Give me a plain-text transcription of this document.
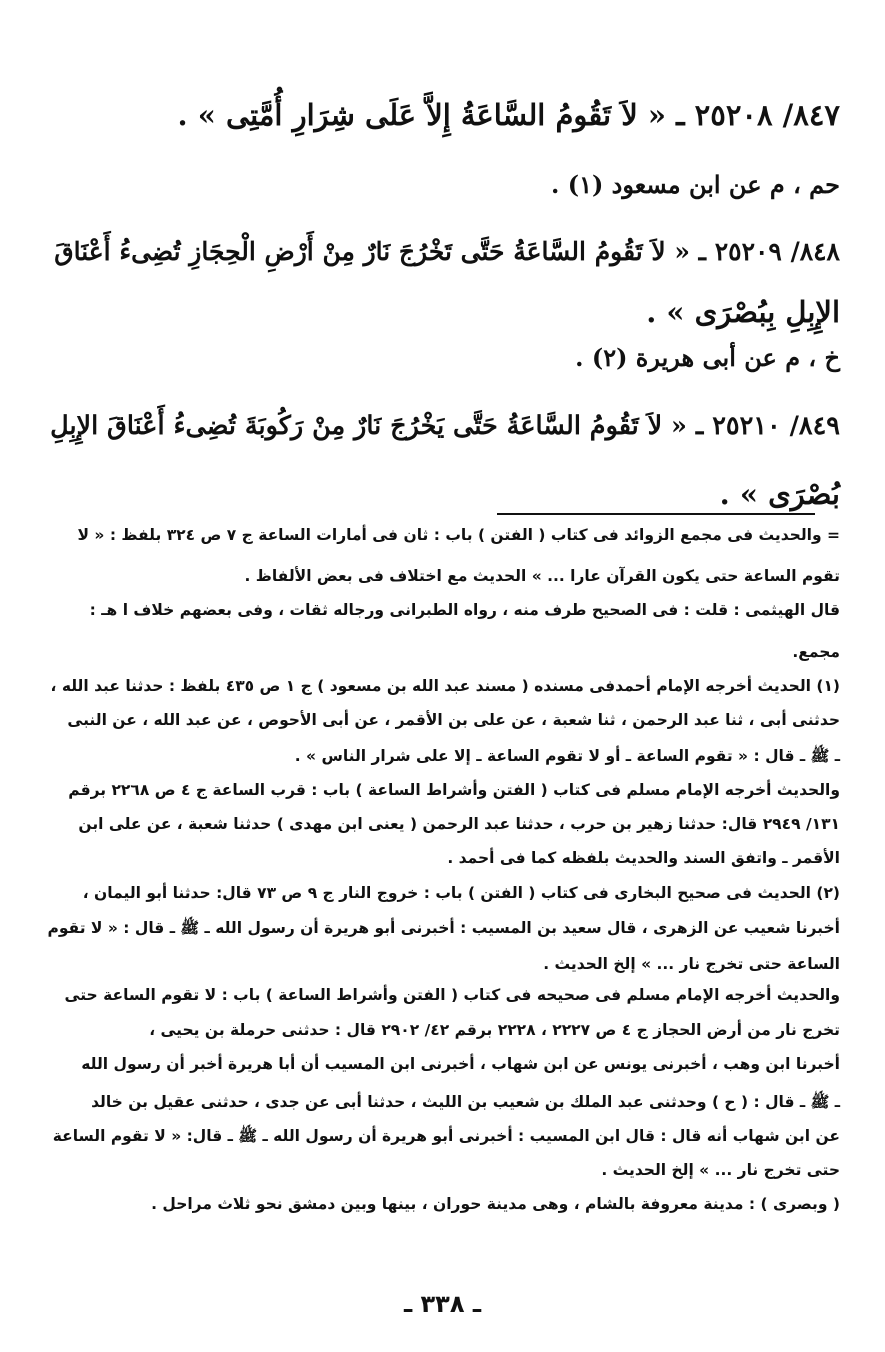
٨٤٧/ ٢٥٢٠٨ ـ « لاَ تَقُومُ السَّاعَةُ إِلاَّ عَلَى شِرَارِ أُمَّتِى » .
حم ، م عن ابن مسعود (١) .
٨٤٨/ ٢٥٢٠٩ ـ « لاَ تَقُومُ السَّاعَةُ حَتَّى تَخْرُجَ نَارٌ مِنْ أَرْضِ الْحِجَازِ تُضِىءُ أَعْنَاقَ
الإِبِلِ بِبُصْرَى » .
خ ، م عن أبى هريرة (٢) .
٨٤٩/ ٢٥٢١٠ ـ « لاَ تَقُومُ السَّاعَةُ حَتَّى يَخْرُجَ نَارٌ مِنْ رَكُوبَةَ تُضِىءُ أَعْنَاقَ الإِبِلِ
بُصْرَى » .
= والحديث فى مجمع الزوائد فى كتاب ( الفتن ) باب : ثان فى أمارات الساعة ج ٧ ص ٣٢٤ بلفظ : « لا
تقوم الساعة حتى يكون القرآن عارا ... » الحديث مع اختلاف فى بعض الألفاظ .
قال الهيثمى : قلت : فى الصحيح طرف منه ، رواه الطبرانى ورجاله ثقات ، وفى بعضهم خلاف ا هـ :
مجمع.
(١) الحديث أخرجه الإمام أحمدفى مسنده ( مسند عبد الله بن مسعود ) ج ١ ص ٤٣٥ بلفظ : حدثنا عبد الله ،
حدثنى أبى ، ثنا عبد الرحمن ، ثنا شعبة ، عن على بن الأقمر ، عن أبى الأحوص ، عن عبد الله ، عن النبى
ـ ﷺ ـ قال : « تقوم الساعة ـ أو لا تقوم الساعة ـ إلا على شرار الناس » .
والحديث أخرجه الإمام مسلم فى كتاب ( الفتن وأشراط الساعة ) باب : قرب الساعة ج ٤ ص ٢٢٦٨ برقم
١٣١/ ٢٩٤٩ قال: حدثنا زهير بن حرب ، حدثنا عبد الرحمن ( يعنى ابن مهدى ) حدثنا شعبة ، عن على ابن
الأقمر ـ واتفق السند والحديث بلفظه كما فى أحمد .
(٢) الحديث فى صحيح البخارى فى كتاب ( الفتن ) باب : خروج النار ج ٩ ص ٧٣ قال: حدثنا أبو اليمان ،
أخبرنا شعيب عن الزهرى ، قال سعيد بن المسيب : أخبرنى أبو هريرة أن رسول الله ـ ﷺ ـ قال : « لا تقوم
الساعة حتى تخرج نار ... » إلخ الحديث .
والحديث أخرجه الإمام مسلم فى صحيحه فى كتاب ( الفتن وأشراط الساعة ) باب : لا تقوم الساعة حتى
تخرج نار من أرض الحجاز ج ٤ ص ٢٢٢٧ ، ٢٢٢٨ برقم ٤٢/ ٢٩٠٢ قال : حدثنى حرملة بن يحيى ،
أخبرنا ابن وهب ، أخبرنى يونس عن ابن شهاب ، أخبرنى ابن المسيب أن أبا هريرة أخبر أن رسول الله
ـ ﷺ ـ قال : ( ح ) وحدثنى عبد الملك بن شعيب بن الليث ، حدثنا أبى عن جدى ، حدثنى عقيل بن خالد
عن ابن شهاب أنه قال : قال ابن المسيب : أخبرنى أبو هريرة أن رسول الله ـ ﷺ ـ قال: « لا تقوم الساعة
حتى تخرج نار ... » إلخ الحديث .
( وبصرى ) : مدينة معروفة بالشام ، وهى مدينة حوران ، بينها وبين دمشق نحو ثلاث مراحل .
ـ ٣٣٨ ـ
